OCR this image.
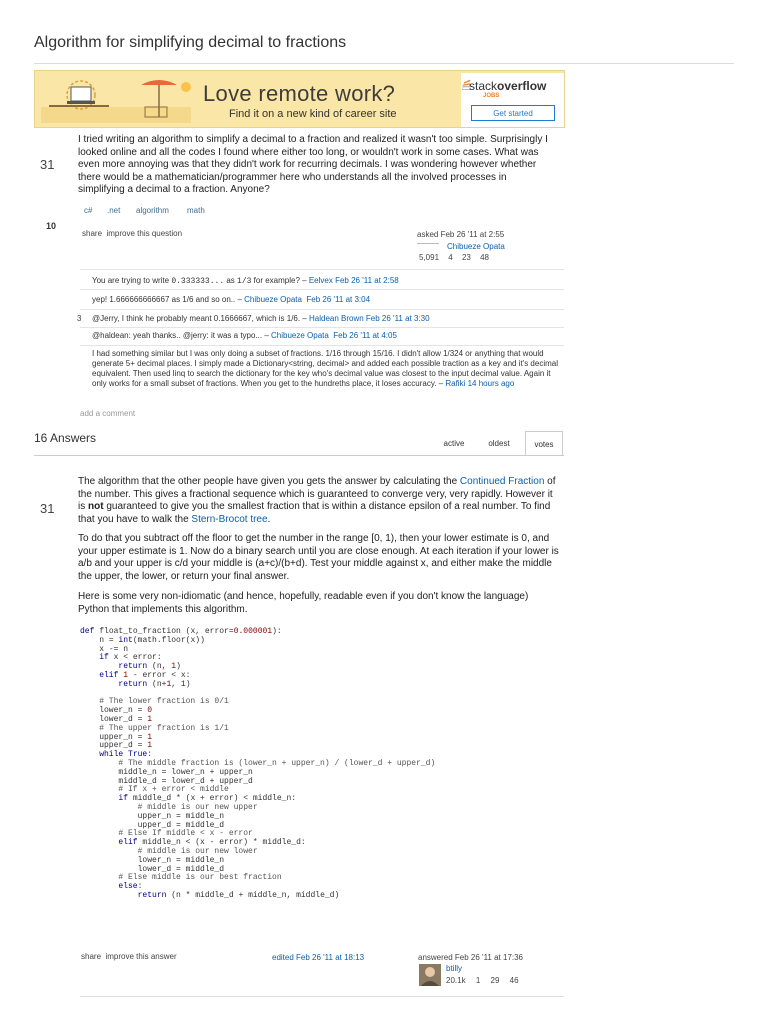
Algorithm for simplifying decimal to fractions
Love remote work?
Find it on a new kind of career site
stackoverflow
JOBS
Get started
31
10
I tried writing an algorithm to simplify a decimal to a fraction and realized it wasn't too simple. Surprisingly I looked online and all the codes I found where either too long, or wouldn't work in some cases. What was even more annoying was that they didn't work for recurring decimals. I was wondering however whether there would be a mathematician/programmer here who understands all the involved processes in simplifying a decimal to a fraction. Anyone?
c# .net algorithm math
share improve this question	asked Feb 26 '11 at 2:55
Chibueze Opata
5,091 4 23 48
You are trying to write 0.333333... as 1/3 for example? – Eelvex Feb 26 '11 at 2:58
yep! 1.666666666667 as 1/6 and so on.. – Chibueze Opata Feb 26 '11 at 3:04
3 @Jerry, I think he probably meant 0.1666667, which is 1/6. – Haldean Brown Feb 26 '11 at 3:30
@haldean: yeah thanks.. @jerry: it was a typo... – Chibueze Opata Feb 26 '11 at 4:05
I had something similar but I was only doing a subset of fractions. 1/16 through 15/16. I didn't allow 1/324 or anything that would generate 5+ decimal places. I simply made a Dictionary<string, decimal> and added each possible traction as a key and it's decimal equivalent. Then used linq to search the dictionary for the key who's decimal value was closest to the input decimal value. Again it only works for a small subset of fractions. When you get to the hundreths place, it loses accuracy. – Rafiki 14 hours ago
add a comment
16 Answers	active	oldest	votes
31
The algorithm that the other people have given you gets the answer by calculating the Continued Fraction of the number. This gives a fractional sequence which is guaranteed to converge very, very rapidly. However it is not guaranteed to give you the smallest fraction that is within a distance epsilon of a real number. To find that you have to walk the Stern-Brocot tree.
To do that you subtract off the floor to get the number in the range [0, 1), then your lower estimate is 0, and your upper estimate is 1. Now do a binary search until you are close enough. At each iteration if your lower is a/b and your upper is c/d your middle is (a+c)/(b+d). Test your middle against x, and either make the middle the upper, the lower, or return your final answer.
Here is some very non-idiomatic (and hence, hopefully, readable even if you don't know the language) Python that implements this algorithm.
def float_to_fraction (x, error=0.000001):
n = int(math.floor(x))
x -= n
if x < error:
return (n, 1)
elif 1 - error < x:
return (n+1, 1)

# The lower fraction is 0/1
lower_n = 0
lower_d = 1
# The upper fraction is 1/1
upper_n = 1
upper_d = 1
while True:
# The middle fraction is (lower_n + upper_n) / (lower_d + upper_d)
middle_n = lower_n + upper_n
middle_d = lower_d + upper_d
# If x + error < middle
if middle_d * (x + error) < middle_n:
# middle is our new upper
upper_n = middle_n
upper_d = middle_d
# Else If middle < x - error
elif middle_n < (x - error) * middle_d:
# middle is our new lower
lower_n = middle_n
lower_d = middle_d
# Else middle is our best fraction
else:
return (n * middle_d + middle_n, middle_d)
share improve this answer	edited Feb 26 '11 at 18:13	answered Feb 26 '11 at 17:36
btilly
20.1k 1 29 46
